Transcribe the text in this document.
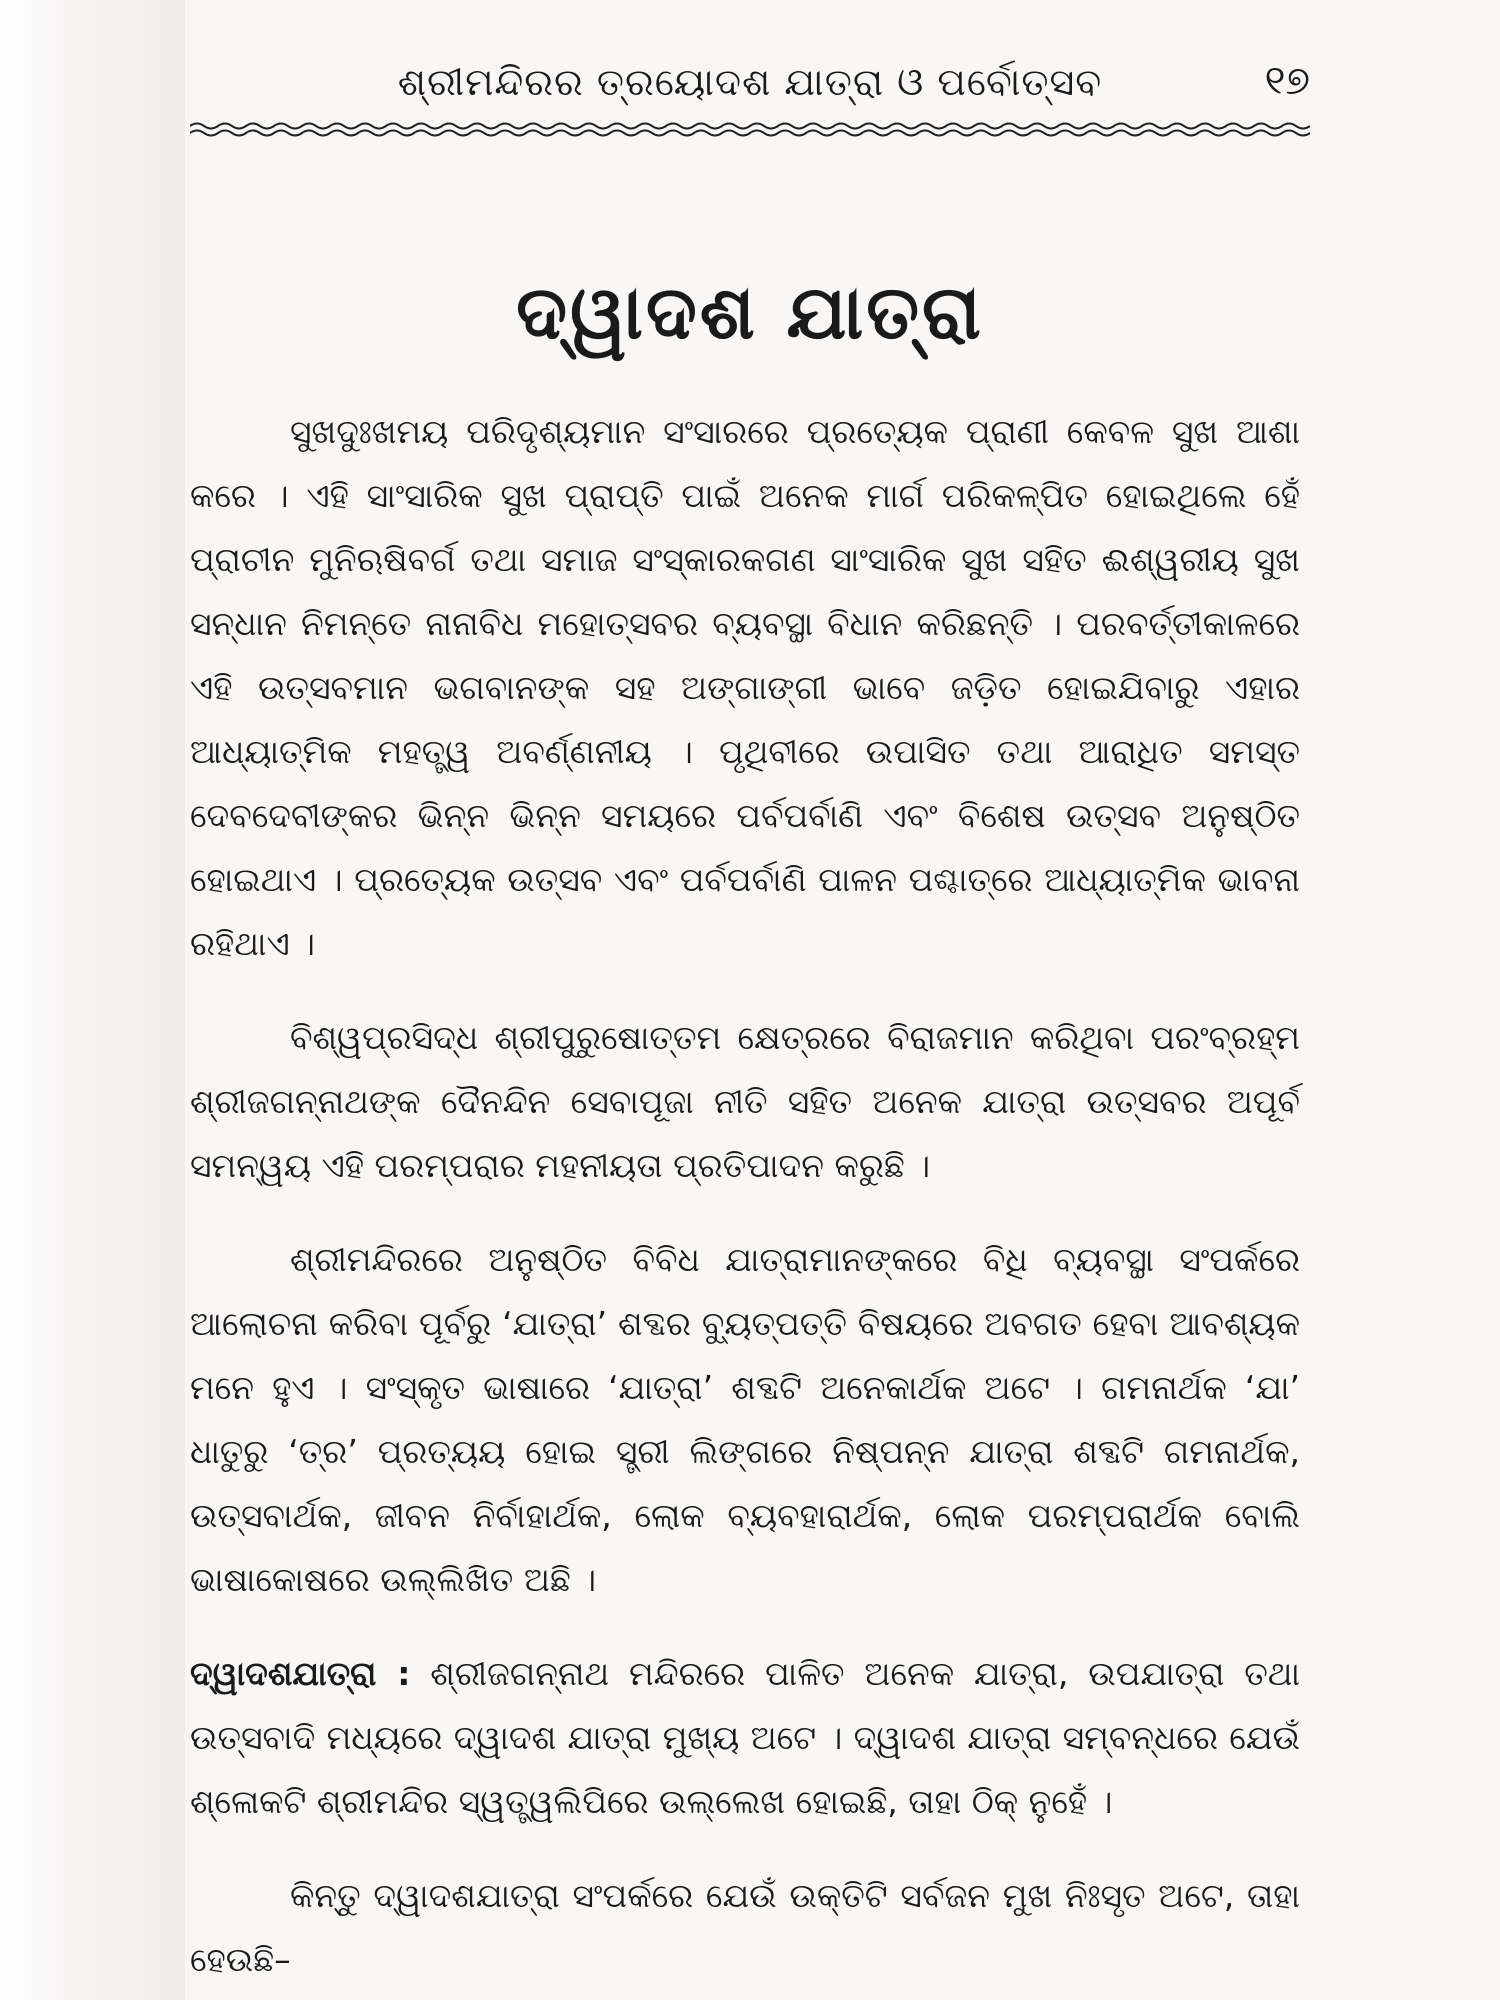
ଶ୍ରୀମନ୍ଦିରର ତ୍ରୟୋଦଶ ଯାତ୍ରା ଓ ପର୍ବୋତ୍ସବ	୧୭
ଦ୍ୱାଦଶ ଯାତ୍ରା

ସୁଖଦୁଃଖମୟ ପରିଦୃଶ୍ୟମାନ ସଂସାରରେ ପ୍ରତ୍ୟେକ ପ୍ରାଣୀ କେବଳ ସୁଖ ଆଶା କରେ । ଏହି ସାଂସାରିକ ସୁଖ ପ୍ରାପ୍ତି ପାଇଁ ଅନେକ ମାର୍ଗ ପରିକଳ୍ପିତ ହୋଇଥିଲେ ହେଁ ପ୍ରାଚୀନ ମୁନିଋଷିବର୍ଗ ତଥା ସମାଜ ସଂସ୍କାରକଗଣ ସାଂସାରିକ ସୁଖ ସହିତ ଈଶ୍ୱରୀୟ ସୁଖ ସନ୍ଧାନ ନିମନ୍ତେ ନାନାବିଧ ମହୋତ୍ସବର ବ୍ୟବସ୍ଥା ବିଧାନ କରିଛନ୍ତି । ପରବର୍ତ୍ତୀକାଳରେ ଏହି ଉତ୍ସବମାନ ଭଗବାନଙ୍କ ସହ ଅଙ୍ଗାଙ୍ଗୀ ଭାବେ ଜଡ଼ିତ ହୋଇଯିବାରୁ ଏହାର ଆଧ୍ୟାତ୍ମିକ ମହତ୍ତ୍ୱ ଅବର୍ଣ୍ଣନୀୟ । ପୃଥିବୀରେ ଉପାସିତ ତଥା ଆରାଧିତ ସମସ୍ତ ଦେବଦେବୀଙ୍କର ଭିନ୍ନ ଭିନ୍ନ ସମୟରେ ପର୍ବପର୍ବାଣି ଏବଂ ବିଶେଷ ଉତ୍ସବ ଅନୁଷ୍ଠିତ ହୋଇଥାଏ । ପ୍ରତ୍ୟେକ ଉତ୍ସବ ଏବଂ ପର୍ବପର୍ବାଣି ପାଳନ ପଶ୍ଚାତ୍‌ରେ ଆଧ୍ୟାତ୍ମିକ ଭାବନା ରହିଥାଏ ।

ବିଶ୍ୱପ୍ରସିଦ୍ଧ ଶ୍ରୀପୁରୁଷୋତ୍ତମ କ୍ଷେତ୍ରରେ ବିରାଜମାନ କରିଥିବା ପରଂବ୍ରହ୍ମ ଶ୍ରୀଜଗନ୍ନାଥଙ୍କ ଦୈନନ୍ଦିନ ସେବାପୂଜା ନୀତି ସହିତ ଅନେକ ଯାତ୍ରା ଉତ୍ସବର ଅପୂର୍ବ ସମନ୍ୱୟ ଏହି ପରମ୍ପରାର ମହନୀୟତା ପ୍ରତିପାଦନ କରୁଛି ।

ଶ୍ରୀମନ୍ଦିରରେ ଅନୁଷ୍ଠିତ ବିବିଧ ଯାତ୍ରାମାନଙ୍କରେ ବିଧି ବ୍ୟବସ୍ଥା ସଂପର୍କରେ ଆଲୋଚନା କରିବା ପୂର୍ବରୁ ‘ଯାତ୍ରା’ ଶବ୍ଦର ବ୍ୟୁତ୍ପତ୍ତି ବିଷୟରେ ଅବଗତ ହେବା ଆବଶ୍ୟକ ମନେ ହୁଏ । ସଂସ୍କୃତ ଭାଷାରେ ‘ଯାତ୍ରା’ ଶବ୍ଦଟି ଅନେକାର୍ଥକ ଅଟେ । ଗମନାର୍ଥକ ‘ଯା’ ଧାତୁରୁ ‘ତ୍ର’ ପ୍ରତ୍ୟୟ ହୋଇ ସ୍ତ୍ରୀ ଲିଙ୍ଗରେ ନିଷ୍ପନ୍ନ ଯାତ୍ରା ଶବ୍ଦଟି ଗମନାର୍ଥକ, ଉତ୍ସବାର୍ଥକ, ଜୀବନ ନିର୍ବାହାର୍ଥକ, ଲୋକ ବ୍ୟବହାରାର୍ଥକ, ଲୋକ ପରମ୍ପରାର୍ଥକ ବୋଲି ଭାଷାକୋଷରେ ଉଲ୍ଲିଖିତ ଅଛି ।

ଦ୍ୱାଦଶଯାତ୍ରା : ଶ୍ରୀଜଗନ୍ନାଥ ମନ୍ଦିରରେ ପାଳିତ ଅନେକ ଯାତ୍ରା, ଉପଯାତ୍ରା ତଥା ଉତ୍ସବାଦି ମଧ୍ୟରେ ଦ୍ୱାଦଶ ଯାତ୍ରା ମୁଖ୍ୟ ଅଟେ । ଦ୍ୱାଦଶ ଯାତ୍ରା ସମ୍ବନ୍ଧରେ ଯେଉଁ ଶ୍ଳୋକଟି ଶ୍ରୀମନ୍ଦିର ସ୍ୱତ୍ତ୍ୱଲିପିରେ ଉଲ୍ଲେଖ ହୋଇଛି, ତାହା ଠିକ୍ ନୁହେଁ ।

କିନ୍ତୁ ଦ୍ୱାଦଶଯାତ୍ରା ସଂପର୍କରେ ଯେଉଁ ଉକ୍ତିଟି ସର୍ବଜନ ମୁଖ ନିଃସୃତ ଅଟେ, ତାହା ହେଉଛି–
